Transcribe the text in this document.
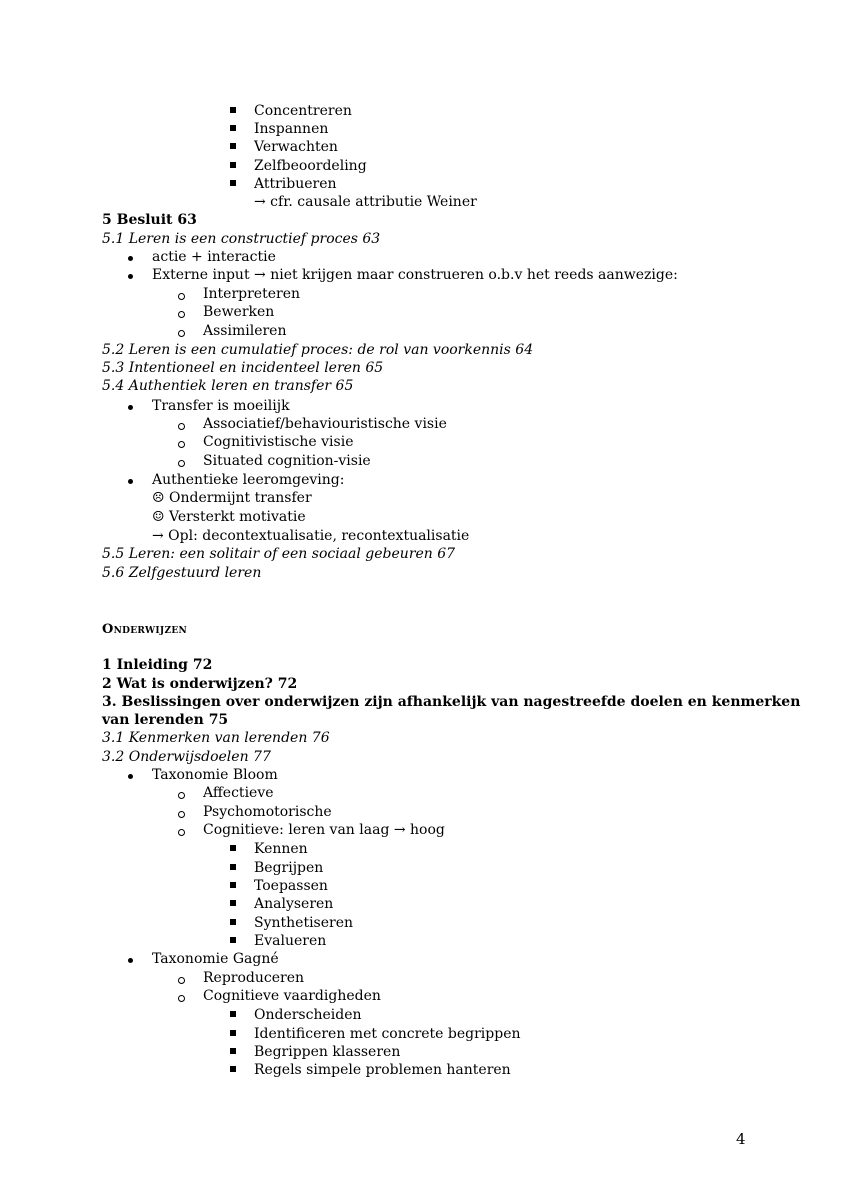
Concentreren
Inspannen
Verwachten
Zelfbeoordeling
Attribueren
→ cfr. causale attributie Weiner
5 Besluit 63
5.1 Leren is een constructief proces 63
actie + interactie
Externe input → niet krijgen maar construeren o.b.v het reeds aanwezige:
Interpreteren
Bewerken
Assimileren
5.2 Leren is een cumulatief proces: de rol van voorkennis 64
5.3 Intentioneel en incidenteel leren 65
5.4 Authentiek leren en transfer 65
Transfer is moeilijk
Associatief/behaviouristische visie
Cognitivistische visie
Situated cognition-visie
Authentieke leeromgeving:
☹ Ondermijnt transfer
☺ Versterkt motivatie
→ Opl: decontextualisatie, recontextualisatie
5.5 Leren: een solitair of een sociaal gebeuren 67
5.6 Zelfgestuurd leren
Onderwijzen
1 Inleiding 72
2 Wat is onderwijzen? 72
3. Beslissingen over onderwijzen zijn afhankelijk van nagestreefde doelen en kenmerken
van lerenden 75
3.1 Kenmerken van lerenden 76
3.2 Onderwijsdoelen 77
Taxonomie Bloom
Affectieve
Psychomotorische
Cognitieve: leren van laag → hoog
Kennen
Begrijpen
Toepassen
Analyseren
Synthetiseren
Evalueren
Taxonomie Gagné
Reproduceren
Cognitieve vaardigheden
Onderscheiden
Identificeren met concrete begrippen
Begrippen klasseren
Regels simpele problemen hanteren
4
